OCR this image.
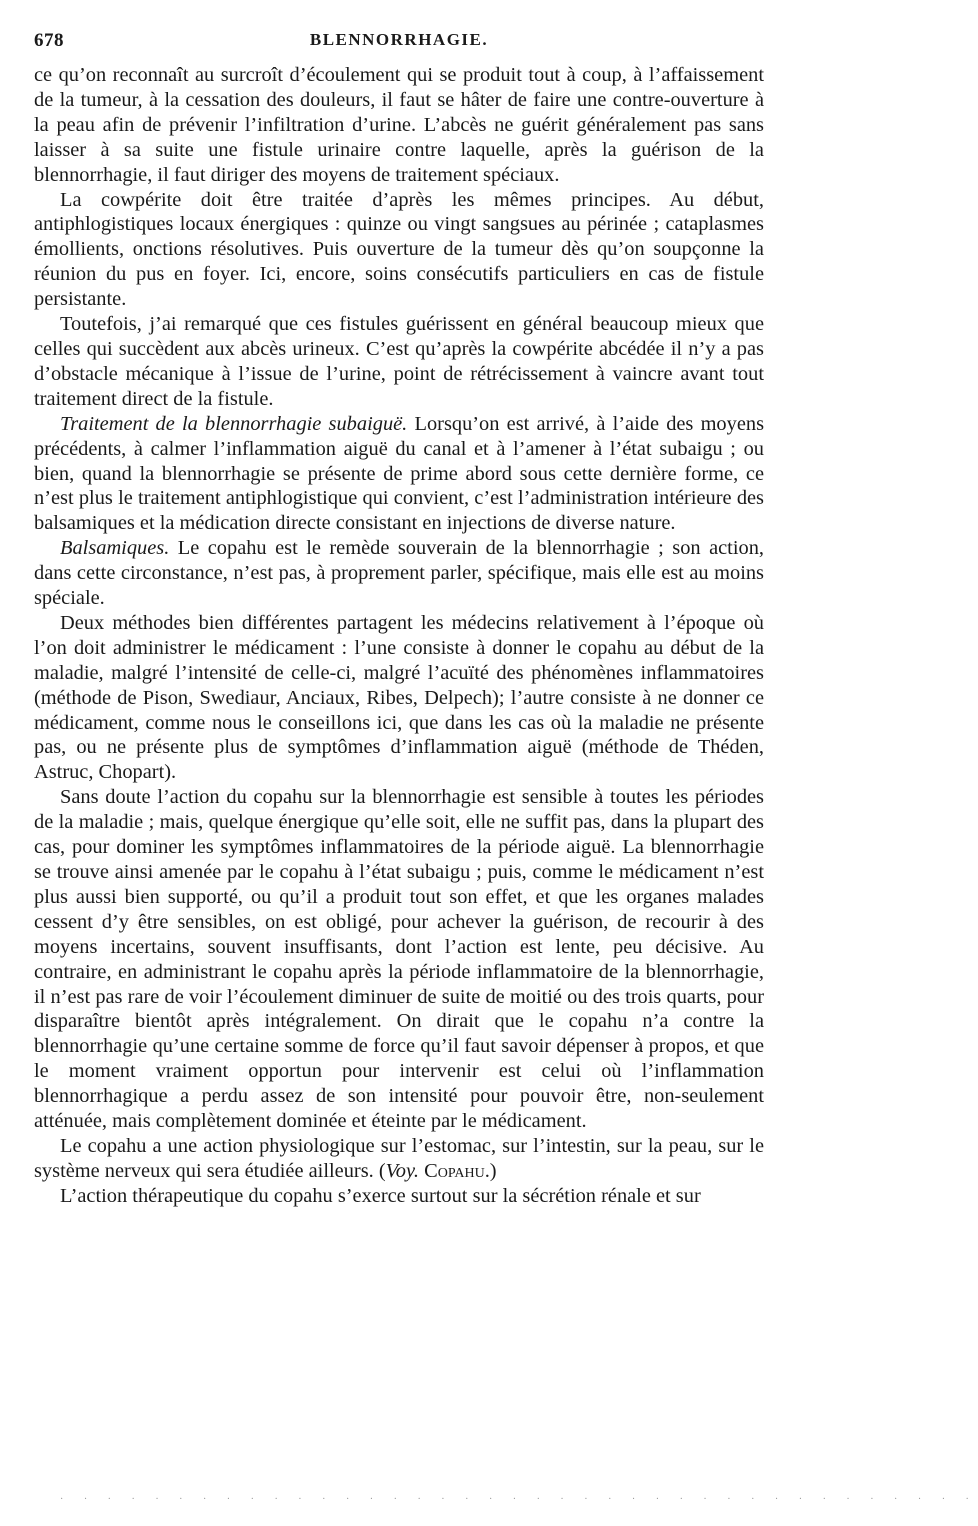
678	BLENNORRHAGIE.

ce qu’on reconnaît au surcroît d’écoulement qui se produit tout à coup, à l’affaissement de la tumeur, à la cessation des douleurs, il faut se hâter de faire une contre-ouverture à la peau afin de prévenir l’infiltration d’urine. L’abcès ne guérit généralement pas sans laisser à sa suite une fistule urinaire contre laquelle, après la guérison de la blennorrhagie, il faut diriger des moyens de traitement spéciaux.

La cowpérite doit être traitée d’après les mêmes principes. Au début, antiphlogistiques locaux énergiques : quinze ou vingt sangsues au périnée ; cataplasmes émollients, onctions résolutives. Puis ouverture de la tumeur dès qu’on soupçonne la réunion du pus en foyer. Ici, encore, soins consécutifs particuliers en cas de fistule persistante.

Toutefois, j’ai remarqué que ces fistules guérissent en général beaucoup mieux que celles qui succèdent aux abcès urineux. C’est qu’après la cowpérite abcédée il n’y a pas d’obstacle mécanique à l’issue de l’urine, point de rétrécissement à vaincre avant tout traitement direct de la fistule.

Traitement de la blennorrhagie subaiguë. Lorsqu’on est arrivé, à l’aide des moyens précédents, à calmer l’inflammation aiguë du canal et à l’amener à l’état subaigu ; ou bien, quand la blennorrhagie se présente de prime abord sous cette dernière forme, ce n’est plus le traitement antiphlogistique qui convient, c’est l’administration intérieure des balsamiques et la médication directe consistant en injections de diverse nature.

Balsamiques. Le copahu est le remède souverain de la blennorrhagie ; son action, dans cette circonstance, n’est pas, à proprement parler, spécifique, mais elle est au moins spéciale.

Deux méthodes bien différentes partagent les médecins relativement à l’époque où l’on doit administrer le médicament : l’une consiste à donner le copahu au début de la maladie, malgré l’intensité de celle-ci, malgré l’acuïté des phénomènes inflammatoires (méthode de Pison, Swediaur, Anciaux, Ribes, Delpech); l’autre consiste à ne donner ce médicament, comme nous le conseillons ici, que dans les cas où la maladie ne présente pas, ou ne présente plus de symptômes d’inflammation aiguë (méthode de Théden, Astruc, Chopart).

Sans doute l’action du copahu sur la blennorrhagie est sensible à toutes les périodes de la maladie ; mais, quelque énergique qu’elle soit, elle ne suffit pas, dans la plupart des cas, pour dominer les symptômes inflammatoires de la période aiguë. La blennorrhagie se trouve ainsi amenée par le copahu à l’état subaigu ; puis, comme le médicament n’est plus aussi bien supporté, ou qu’il a produit tout son effet, et que les organes malades cessent d’y être sensibles, on est obligé, pour achever la guérison, de recourir à des moyens incertains, souvent insuffisants, dont l’action est lente, peu décisive. Au contraire, en administrant le copahu après la période inflammatoire de la blennorrhagie, il n’est pas rare de voir l’écoulement diminuer de suite de moitié ou des trois quarts, pour disparaître bientôt après intégralement. On dirait que le copahu n’a contre la blennorrhagie qu’une certaine somme de force qu’il faut savoir dépenser à propos, et que le moment vraiment opportun pour intervenir est celui où l’inflammation blennorrhagique a perdu assez de son intensité pour pouvoir être, non-seulement atténuée, mais complètement dominée et éteinte par le médicament.

Le copahu a une action physiologique sur l’estomac, sur l’intestin, sur la peau, sur le système nerveux qui sera étudiée ailleurs. (Voy. Copahu.)

L’action thérapeutique du copahu s’exerce surtout sur la sécrétion rénale et sur

· · · · · · · · · · · · · · · · · · · · · · · · · · · · · · · · · · · · · · ·
